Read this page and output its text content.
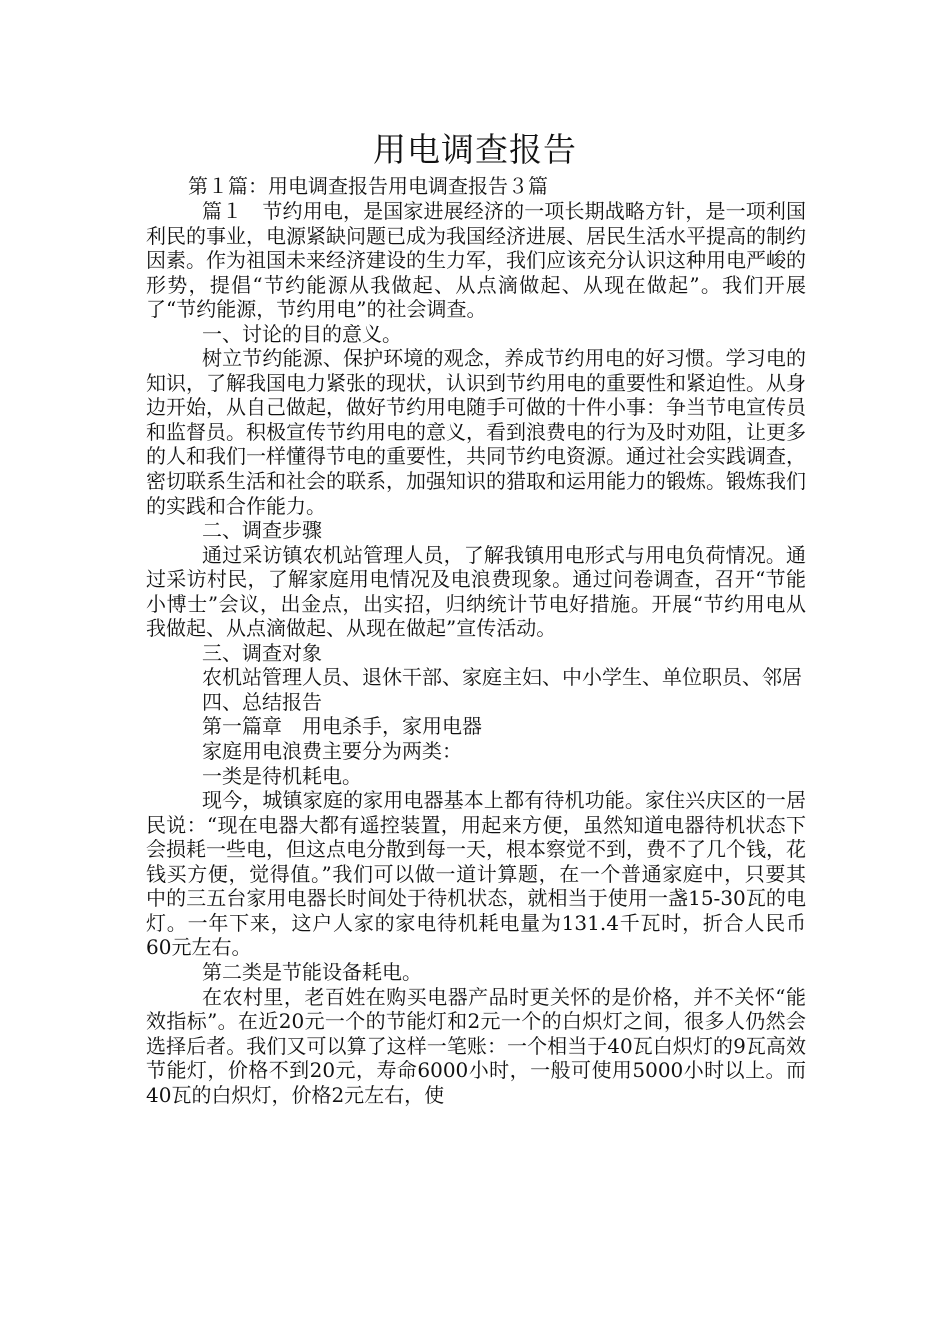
用电调查报告
第１篇：用电调查报告用电调查报告３篇

篇１　节约用电，是国家进展经济的一项长期战略方针，是一项利国利民的事业，电源紧缺问题已成为我国经济进展、居民生活水平提高的制约因素。作为祖国未来经济建设的生力军，我们应该充分认识这种用电严峻的形势，提倡“节约能源从我做起、从点滴做起、从现在做起”。我们开展了“节约能源，节约用电”的社会调查。

一、讨论的目的意义。

树立节约能源、保护环境的观念，养成节约用电的好习惯。学习电的知识，了解我国电力紧张的现状，认识到节约用电的重要性和紧迫性。从身边开始，从自己做起，做好节约用电随手可做的十件小事：争当节电宣传员和监督员。积极宣传节约用电的意义，看到浪费电的行为及时劝阻，让更多的人和我们一样懂得节电的重要性，共同节约电资源。通过社会实践调查，密切联系生活和社会的联系，加强知识的猎取和运用能力的锻炼。锻炼我们的实践和合作能力。

二、调查步骤

通过采访镇农机站管理人员，了解我镇用电形式与用电负荷情况。通过采访村民，了解家庭用电情况及电浪费现象。通过问卷调查，召开“节能小博士”会议，出金点，出实招，归纳统计节电好措施。开展“节约用电从我做起、从点滴做起、从现在做起”宣传活动。

三、调查对象

农机站管理人员、退休干部、家庭主妇、中小学生、单位职员、邻居

四、总结报告

第一篇章　用电杀手，家用电器

家庭用电浪费主要分为两类：

一类是待机耗电。

现今，城镇家庭的家用电器基本上都有待机功能。家住兴庆区的一居民说：“现在电器大都有遥控装置，用起来方便，虽然知道电器待机状态下会损耗一些电，但这点电分散到每一天，根本察觉不到，费不了几个钱，花钱买方便，觉得值。”我们可以做一道计算题，在一个普通家庭中，只要其中的三五台家用电器长时间处于待机状态，就相当于使用一盏15-30瓦的电灯。一年下来，这户人家的家电待机耗电量为131.4千瓦时，折合人民币60元左右。

第二类是节能设备耗电。

在农村里，老百姓在购买电器产品时更关怀的是价格，并不关怀“能效指标”。在近20元一个的节能灯和2元一个的白炽灯之间，很多人仍然会选择后者。我们又可以算了这样一笔账：一个相当于40瓦白炽灯的9瓦高效节能灯，价格不到20元，寿命6000小时，一般可使用5000小时以上。而40瓦的白炽灯，价格2元左右，使
